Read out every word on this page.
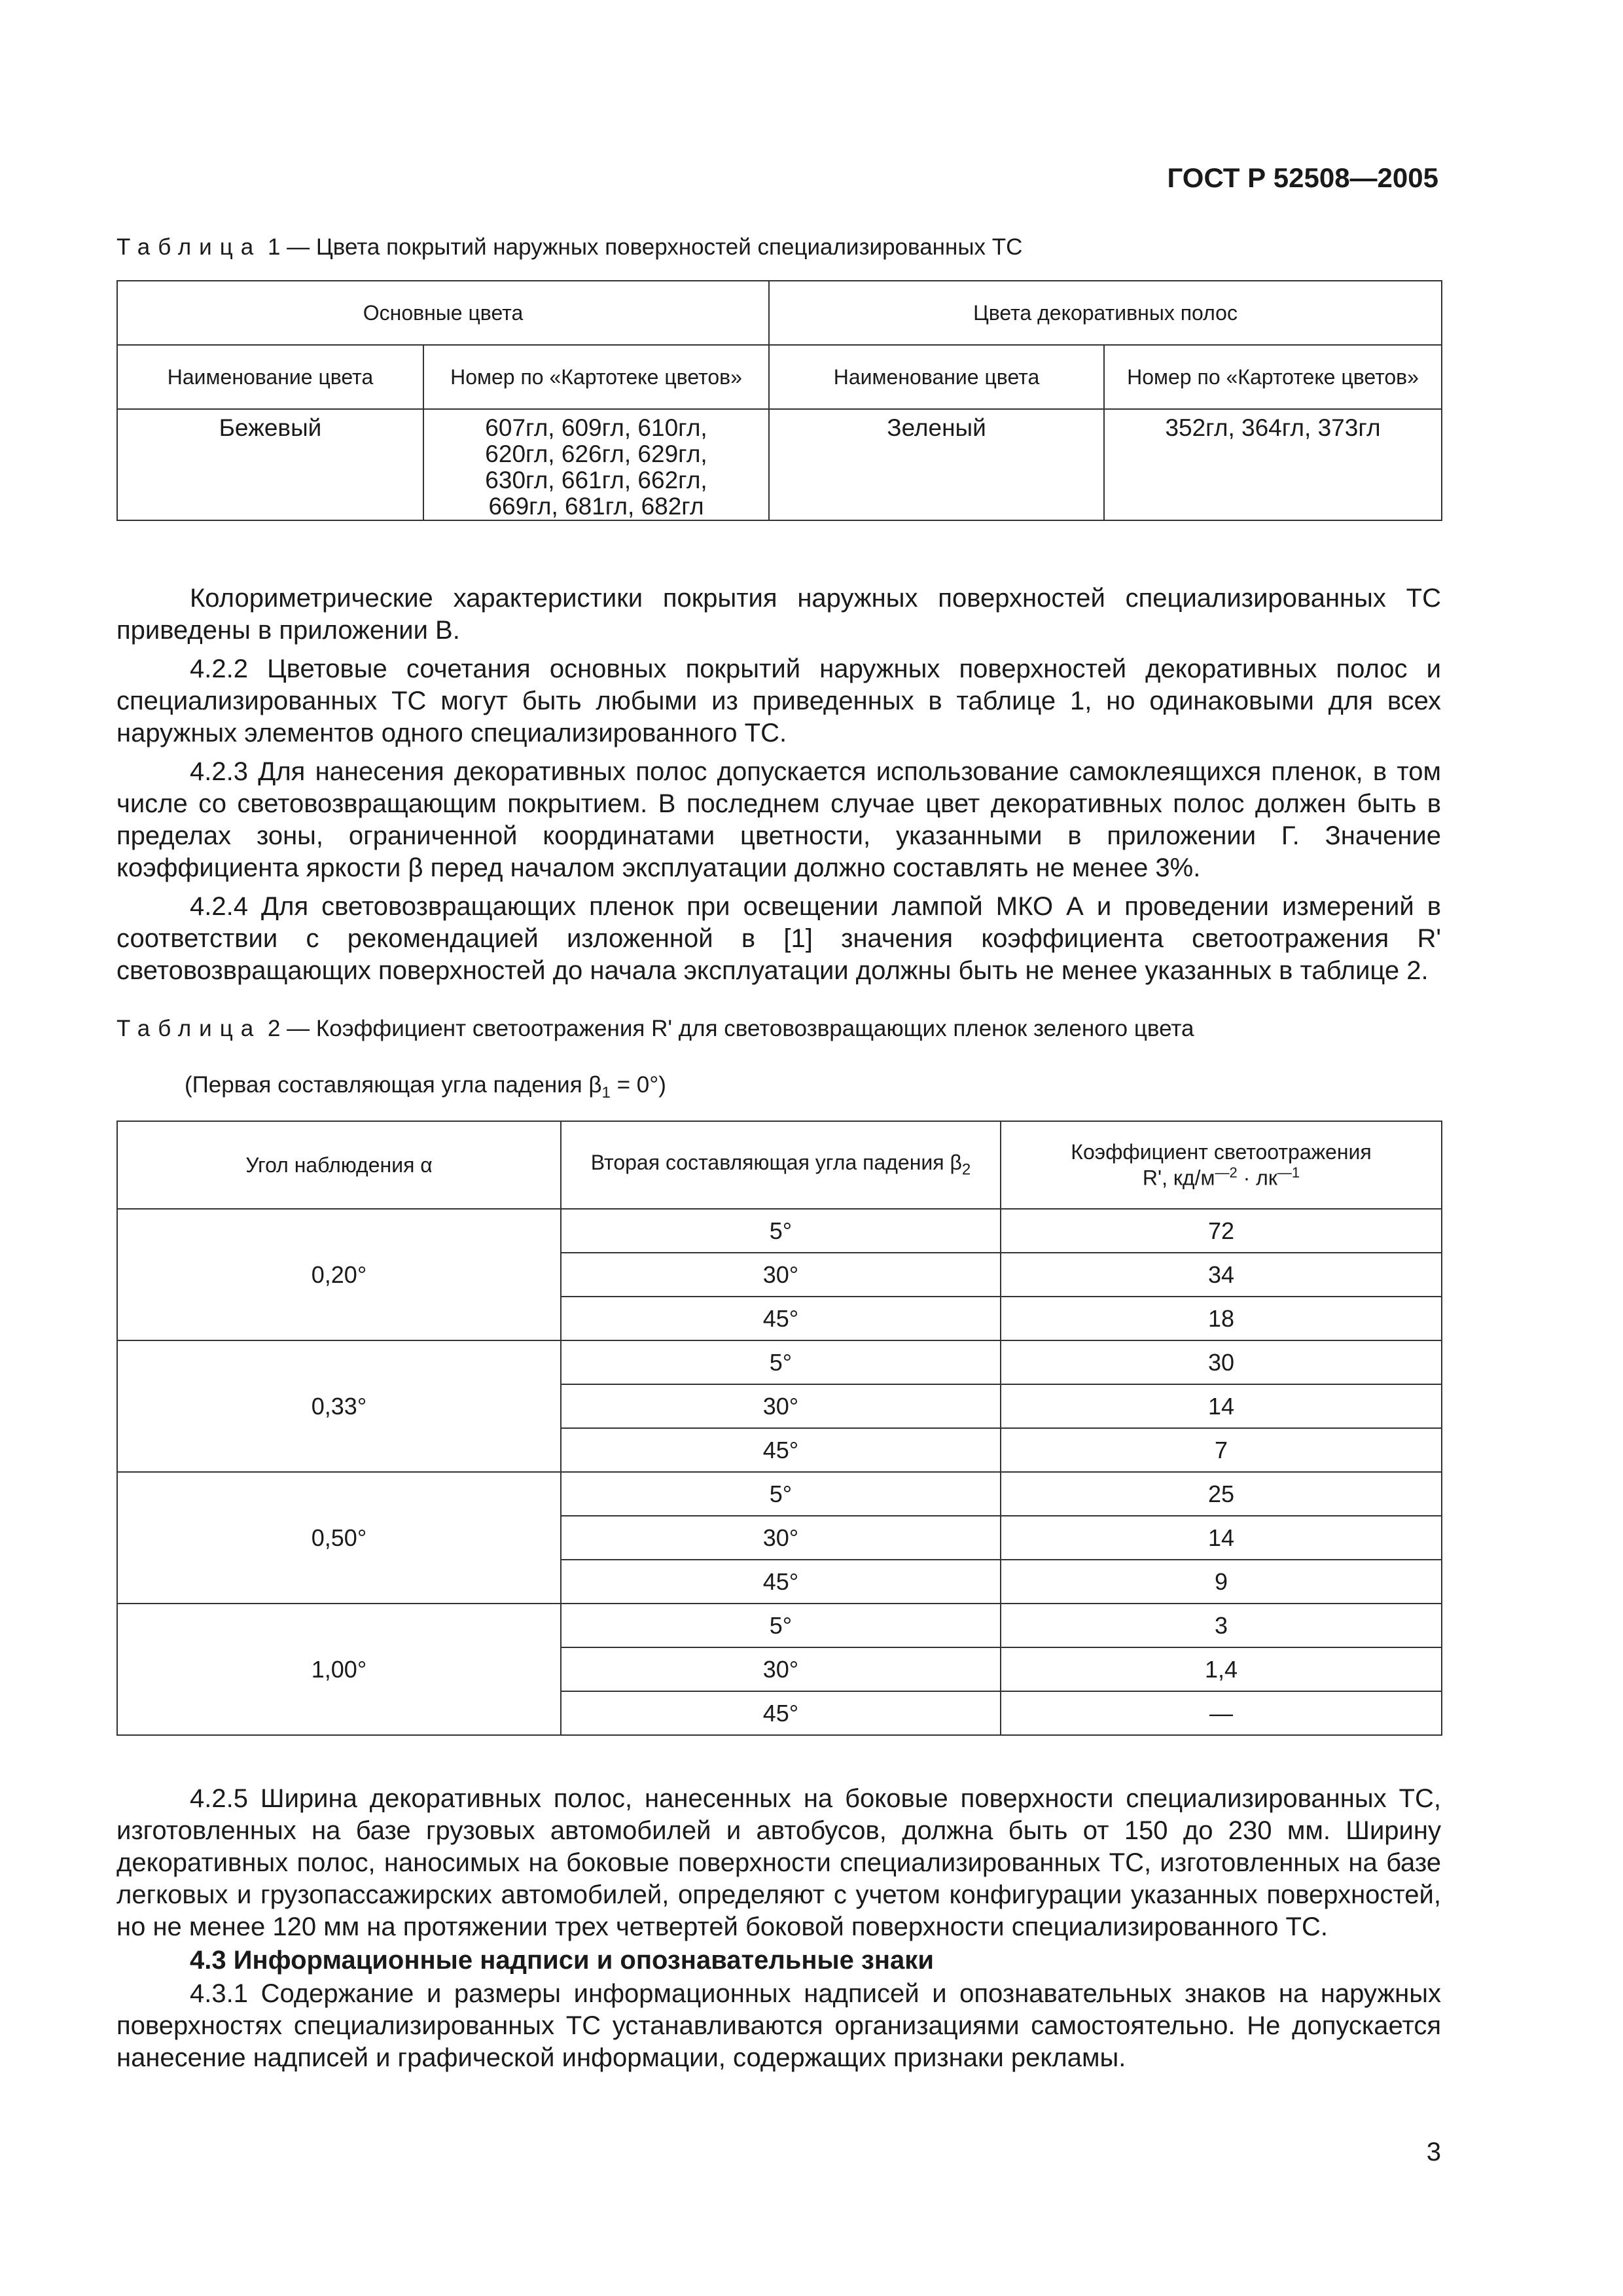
ГОСТ Р 52508—2005
Таблица 1 — Цвета покрытий наружных поверхностей специализированных ТС
Основные цвета		Цвета декоративных полос	
Наименование цвета	Номер по «Картотеке цветов»	Наименование цвета	Номер по «Картотеке цветов»
Бежевый	607гл, 609гл, 610гл,
620гл, 626гл, 629гл,
630гл, 661гл, 662гл,
669гл, 681гл, 682гл	Зеленый	352гл, 364гл, 373гл

Колориметрические характеристики покрытия наружных поверхностей специализированных ТС приведены в приложении В.

4.2.2 Цветовые сочетания основных покрытий наружных поверхностей декоративных полос и специализированных ТС могут быть любыми из приведенных в таблице 1, но одинаковыми для всех наружных элементов одного специализированного ТС.

4.2.3 Для нанесения декоративных полос допускается использование самоклеящихся пленок, в том числе со световозвращающим покрытием. В последнем случае цвет декоративных полос должен быть в пределах зоны, ограниченной координатами цветности, указанными в приложении Г. Значение коэффициента яркости β перед началом эксплуатации должно составлять не менее 3%.

4.2.4 Для световозвращающих пленок при освещении лампой МКО А и проведении измерений в соответствии с рекомендацией изложенной в [1] значения коэффициента светоотражения R' световозвращающих поверхностей до начала эксплуатации должны быть не менее указанных в таблице 2.

Таблица 2 — Коэффициент светоотражения R' для световозвращающих пленок зеленого цвета
(Первая составляющая угла падения $\beta_1 = 0^\circ$)
Угол наблюдения α	Вторая составляющая угла падения $\beta_2$	Коэффициент светоотражения
R', $кд/м^{—2} \cdot лк^{—1}$

0,20°	5°	72
	30°	34
	45°	18
0,33°	5°	30
	30°	14
	45°	7
0,50°	5°	25
	30°	14
	45°	9
1,00°	5°	3
	30°	1,4
	45°	—

4.2.5 Ширина декоративных полос, нанесенных на боковые поверхности специализированных ТС, изготовленных на базе грузовых автомобилей и автобусов, должна быть от 150 до 230 мм. Ширину декоративных полос, наносимых на боковые поверхности специализированных ТС, изготовленных на базе легковых и грузопассажирских автомобилей, определяют с учетом конфигурации указанных поверхностей, но не менее 120 мм на протяжении трех четвертей боковой поверхности специализированного ТС.

4.3 Информационные надписи и опознавательные знаки

4.3.1 Содержание и размеры информационных надписей и опознавательных знаков на наружных поверхностях специализированных ТС устанавливаются организациями самостоятельно. Не допускается нанесение надписей и графической информации, содержащих признаки рекламы.

3
